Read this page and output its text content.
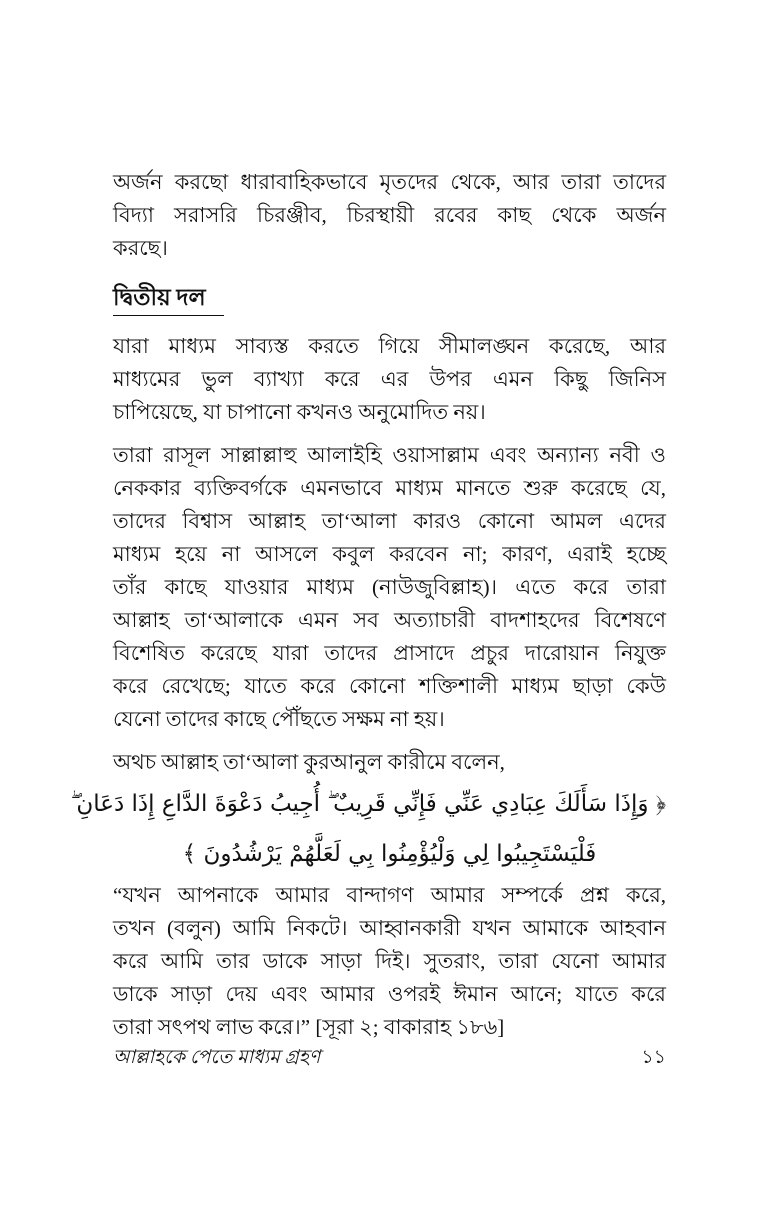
অর্জন করছো ধারাবাহিকভাবে মৃতদের থেকে, আর তারা তাদের
বিদ্যা সরাসরি চিরঞ্জীব, চিরস্থায়ী রবের কাছ থেকে অর্জন
করছে।
দ্বিতীয় দল
যারা মাধ্যম সাব্যস্ত করতে গিয়ে সীমালঙ্ঘন করেছে, আর
মাধ্যমের ভুল ব্যাখ্যা করে এর উপর এমন কিছু জিনিস
চাপিয়েছে, যা চাপানো কখনও অনুমোদিত নয়।
তারা রাসূল সাল্লাল্লাহু আলাইহি ওয়াসাল্লাম এবং অন্যান্য নবী ও
নেককার ব্যক্তিবর্গকে এমনভাবে মাধ্যম মানতে শুরু করেছে যে,
তাদের বিশ্বাস আল্লাহ তা‘আলা কারও কোনো আমল এদের
মাধ্যম হয়ে না আসলে কবুল করবেন না; কারণ, এরাই হচ্ছে
তাঁর কাছে যাওয়ার মাধ্যম (নাউজুবিল্লাহ)। এতে করে তারা
আল্লাহ তা‘আলাকে এমন সব অত্যাচারী বাদশাহদের বিশেষণে
বিশেষিত করেছে যারা তাদের প্রাসাদে প্রচুর দারোয়ান নিযুক্ত
করে রেখেছে; যাতে করে কোনো শক্তিশালী মাধ্যম ছাড়া কেউ
যেনো তাদের কাছে পৌঁছতে সক্ষম না হয়।
অথচ আল্লাহ তা‘আলা কুরআনুল কারীমে বলেন,
﴿ وَإِذَا سَأَلَكَ عِبَادِي عَنِّي فَإِنِّي قَرِيبٌ ۖ أُجِيبُ دَعْوَةَ الدَّاعِ إِذَا دَعَانِ ۖ
فَلْيَسْتَجِيبُوا لِي وَلْيُؤْمِنُوا بِي لَعَلَّهُمْ يَرْشُدُونَ ﴾
“যখন আপনাকে আমার বান্দাগণ আমার সম্পর্কে প্রশ্ন করে,
তখন (বলুন) আমি নিকটে। আহ্বানকারী যখন আমাকে আহবান
করে আমি তার ডাকে সাড়া দিই। সুতরাং, তারা যেনো আমার
ডাকে সাড়া দেয় এবং আমার ওপরই ঈমান আনে; যাতে করে
তারা সৎপথ লাভ করে।” [সূরা ২; বাকারাহ ১৮৬]
আল্লাহকে পেতে মাধ্যম গ্রহণ	১১
